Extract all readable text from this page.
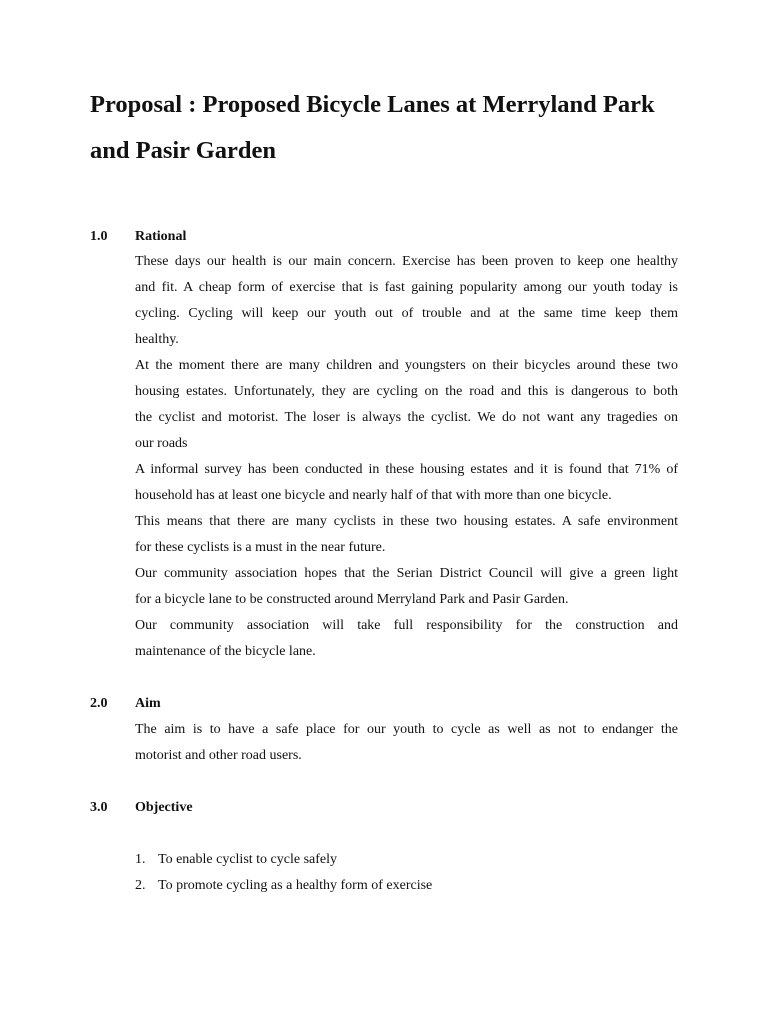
Proposal : Proposed Bicycle Lanes at Merryland Park
and Pasir Garden
1.0 Rational
These days our health is our main concern. Exercise has been proven to keep one healthy
and fit. A cheap form of exercise that is fast gaining popularity among our youth today is
cycling. Cycling will keep our youth out of trouble and at the same time keep them
healthy.
At the moment there are many children and youngsters on their bicycles around these two
housing estates. Unfortunately, they are cycling on the road and this is dangerous to both
the cyclist and motorist. The loser is always the cyclist. We do not want any tragedies on
our roads
A informal survey has been conducted in these housing estates and it is found that 71% of
household has at least one bicycle and nearly half of that with more than one bicycle.
This means that there are many cyclists in these two housing estates. A safe environment
for these cyclists is a must in the near future.
Our community association hopes that the Serian District Council will give a green light
for a bicycle lane to be constructed around Merryland Park and Pasir Garden.
Our community association will take full responsibility for the construction and
maintenance of the bicycle lane.
2.0 Aim
The aim is to have a safe place for our youth to cycle as well as not to endanger the
motorist and other road users.
3.0 Objective
1. To enable cyclist to cycle safely
2. To promote cycling as a healthy form of exercise
